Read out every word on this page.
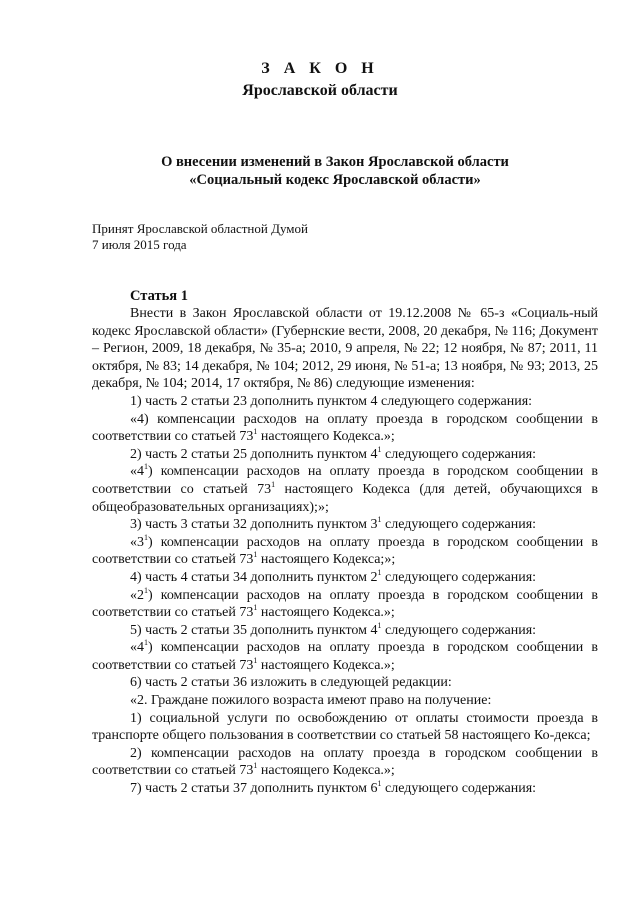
З А К О Н
Ярославской области
О внесении изменений в Закон Ярославской области
«Социальный кодекс Ярославской области»
Принят Ярославской областной Думой
7 июля 2015 года
Статья 1

Внести в Закон Ярославской области от 19.12.2008 № 65-з «Социаль-ный кодекс Ярославской области» (Губернские вести, 2008, 20 декабря, № 116; Документ – Регион, 2009, 18 декабря, № 35-а; 2010, 9 апреля, № 22; 12 ноября, № 87; 2011, 11 октября, № 83; 14 декабря, № 104; 2012, 29 июня, № 51-а; 13 ноября, № 93; 2013, 25 декабря, № 104; 2014, 17 октября, № 86) следующие изменения:

1) часть 2 статьи 23 дополнить пунктом 4 следующего содержания:

«4) компенсации расходов на оплату проезда в городском сообщении в соответствии со статьей $73^1$ настоящего Кодекса.»;

2) часть 2 статьи 25 дополнить пунктом $4^1$ следующего содержания:

«$4^1$) компенсации расходов на оплату проезда в городском сообщении в соответствии со статьей $73^1$ настоящего Кодекса (для детей, обучающихся в общеобразовательных организациях);»;

3) часть 3 статьи 32 дополнить пунктом $3^1$ следующего содержания:

«$3^1$) компенсации расходов на оплату проезда в городском сообщении в соответствии со статьей $73^1$ настоящего Кодекса;»;

4) часть 4 статьи 34 дополнить пунктом $2^1$ следующего содержания:

«$2^1$) компенсации расходов на оплату проезда в городском сообщении в соответствии со статьей $73^1$ настоящего Кодекса.»;

5) часть 2 статьи 35 дополнить пунктом $4^1$ следующего содержания:

«$4^1$) компенсации расходов на оплату проезда в городском сообщении в соответствии со статьей $73^1$ настоящего Кодекса.»;

6) часть 2 статьи 36 изложить в следующей редакции:

«2. Граждане пожилого возраста имеют право на получение:

1) социальной услуги по освобождению от оплаты стоимости проезда в транспорте общего пользования в соответствии со статьей 58 настоящего Ко-декса;

2) компенсации расходов на оплату проезда в городском сообщении в соответствии со статьей $73^1$ настоящего Кодекса.»;

7) часть 2 статьи 37 дополнить пунктом $6^1$ следующего содержания:
